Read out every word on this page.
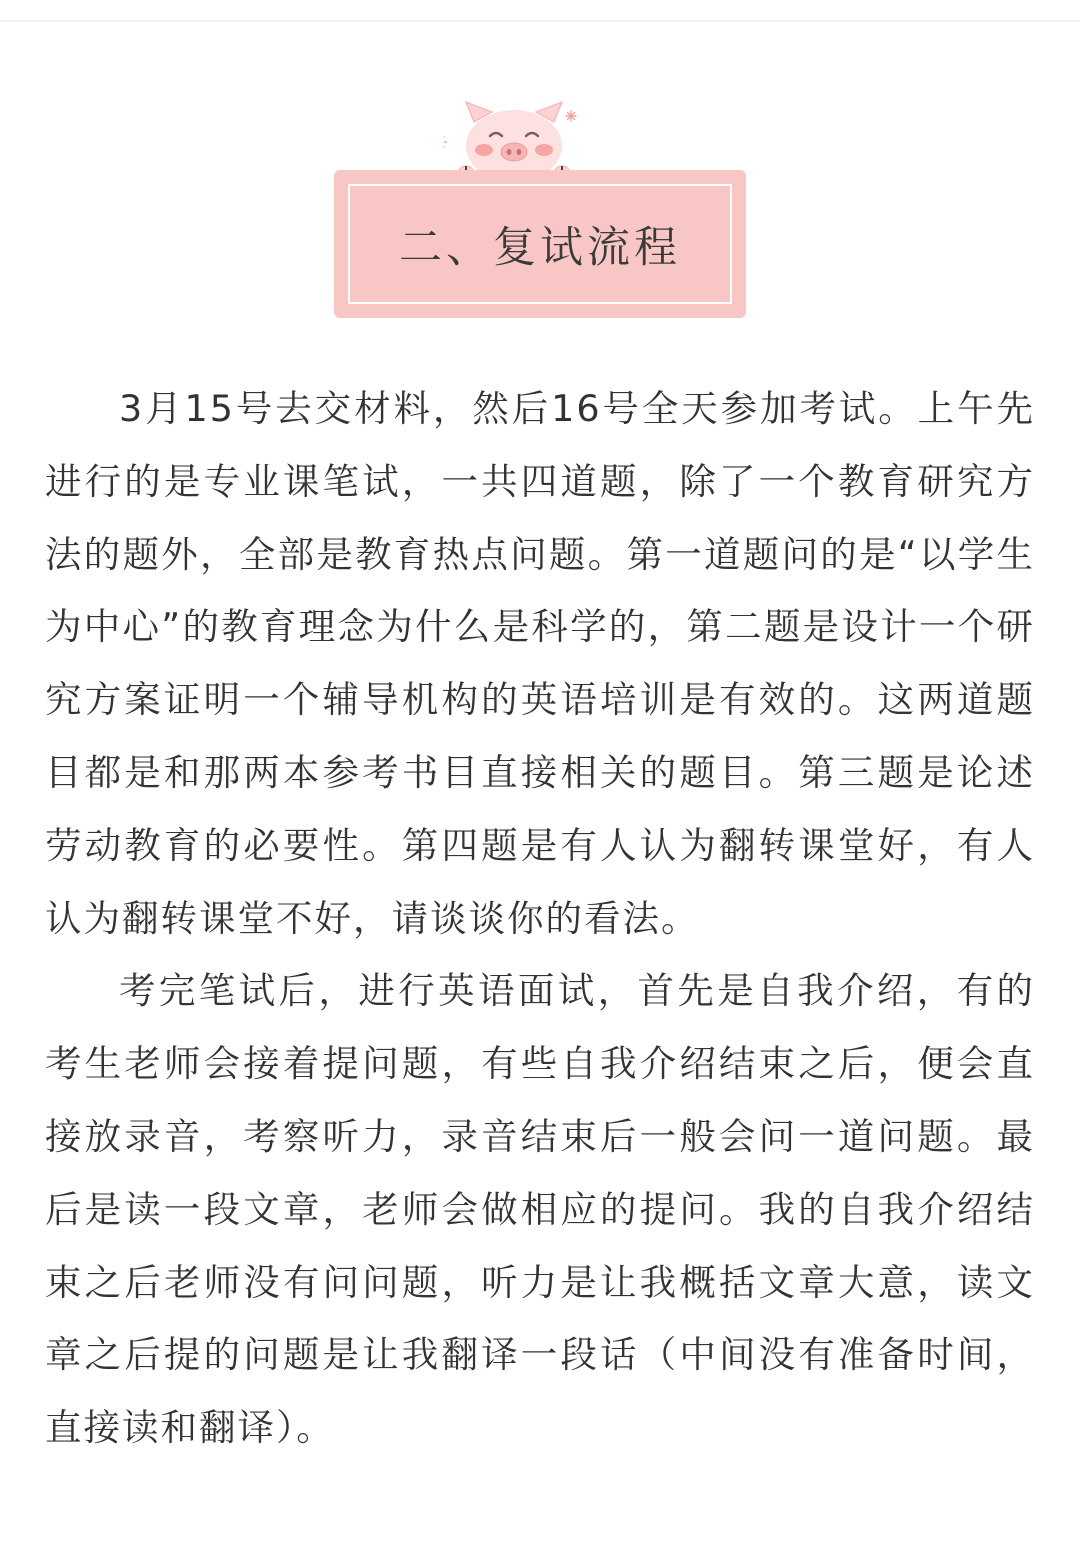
二、复试流程

3月15号去交材料，然后16号全天参加考试。上午先进行的是专业课笔试，一共四道题，除了一个教育研究方法的题外，全部是教育热点问题。第一道题问的是“以学生为中心”的教育理念为什么是科学的，第二题是设计一个研究方案证明一个辅导机构的英语培训是有效的。这两道题目都是和那两本参考书目直接相关的题目。第三题是论述劳动教育的必要性。第四题是有人认为翻转课堂好，有人认为翻转课堂不好，请谈谈你的看法。

考完笔试后，进行英语面试，首先是自我介绍，有的考生老师会接着提问题，有些自我介绍结束之后，便会直接放录音，考察听力，录音结束后一般会问一道问题。最后是读一段文章，老师会做相应的提问。我的自我介绍结束之后老师没有问问题，听力是让我概括文章大意，读文章之后提的问题是让我翻译一段话（中间没有准备时间，直接读和翻译）。
